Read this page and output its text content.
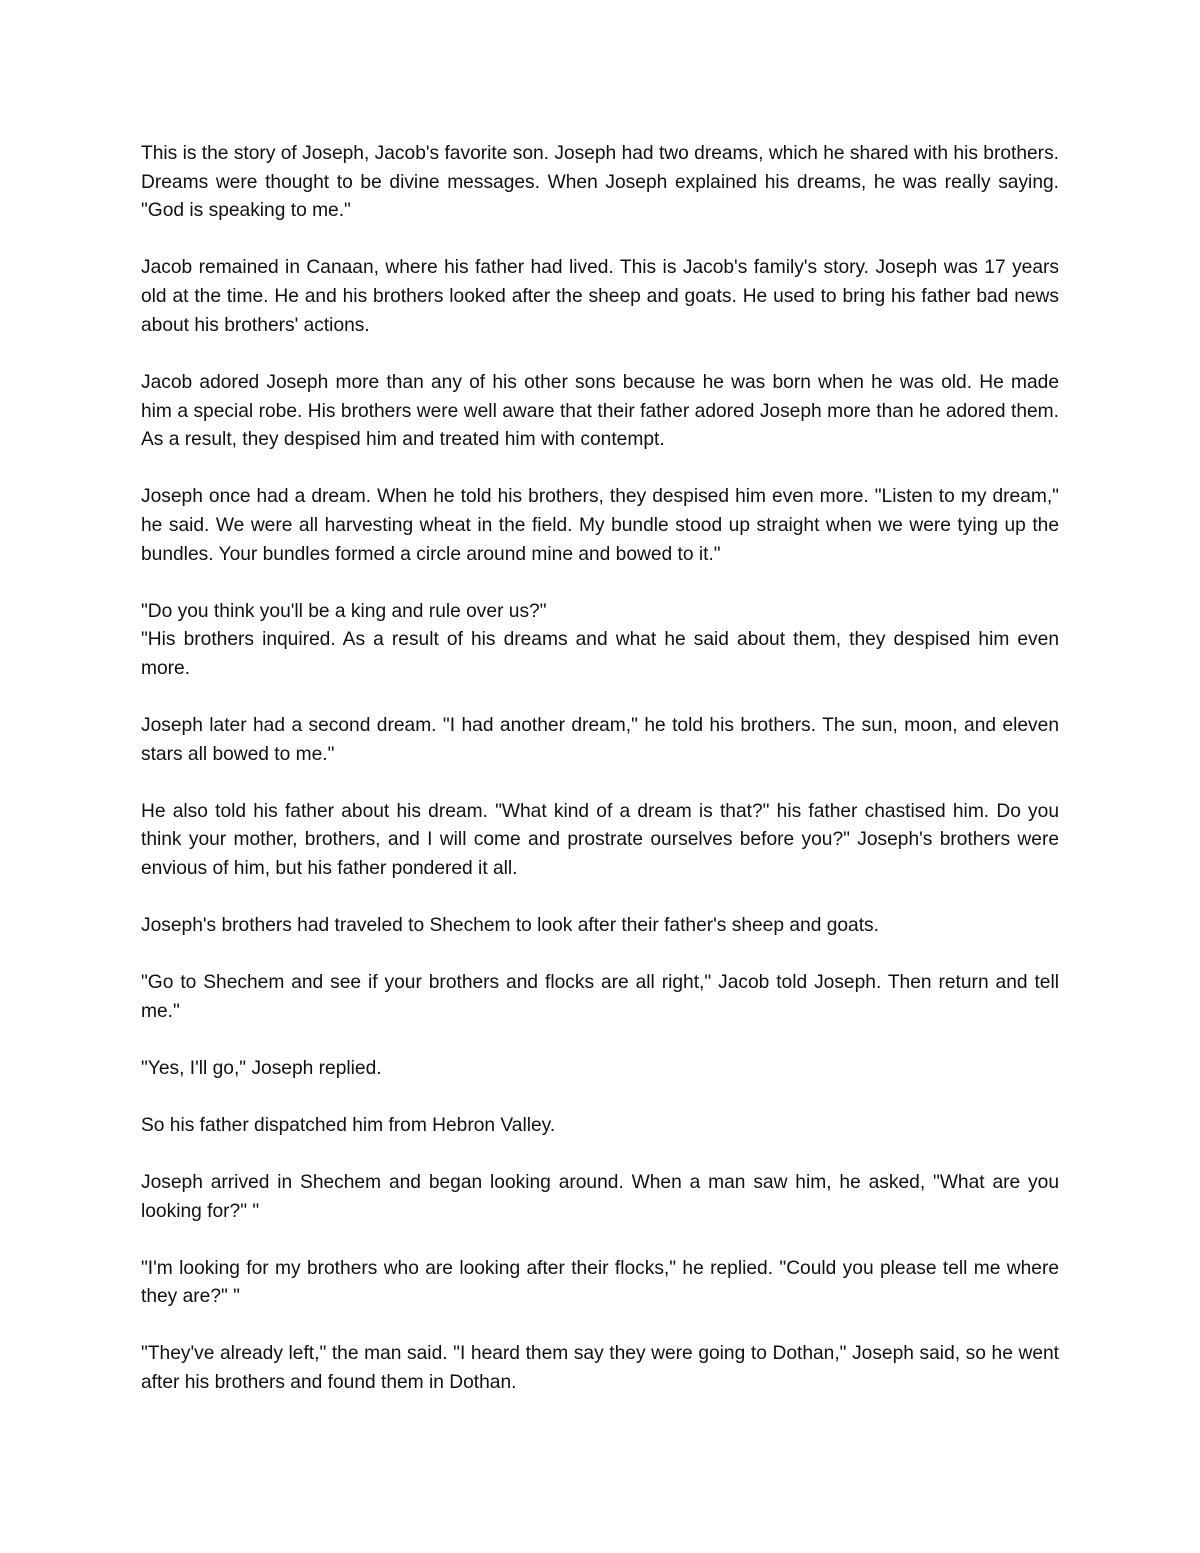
This is the story of Joseph, Jacob's favorite son. Joseph had two dreams, which he shared with his brothers. Dreams were thought to be divine messages. When Joseph explained his dreams, he was really saying. "God is speaking to me."

Jacob remained in Canaan, where his father had lived. This is Jacob's family's story. Joseph was 17 years old at the time. He and his brothers looked after the sheep and goats. He used to bring his father bad news about his brothers' actions.

Jacob adored Joseph more than any of his other sons because he was born when he was old. He made him a special robe. His brothers were well aware that their father adored Joseph more than he adored them. As a result, they despised him and treated him with contempt.

Joseph once had a dream. When he told his brothers, they despised him even more. "Listen to my dream," he said. We were all harvesting wheat in the field. My bundle stood up straight when we were tying up the bundles. Your bundles formed a circle around mine and bowed to it."

"Do you think you'll be a king and rule over us?"
"His brothers inquired. As a result of his dreams and what he said about them, they despised him even more.

Joseph later had a second dream. "I had another dream," he told his brothers. The sun, moon, and eleven stars all bowed to me."

He also told his father about his dream. "What kind of a dream is that?" his father chastised him. Do you think your mother, brothers, and I will come and prostrate ourselves before you?" Joseph's brothers were envious of him, but his father pondered it all.

Joseph's brothers had traveled to Shechem to look after their father's sheep and goats.

"Go to Shechem and see if your brothers and flocks are all right," Jacob told Joseph. Then return and tell me."

"Yes, I'll go," Joseph replied.

So his father dispatched him from Hebron Valley.

Joseph arrived in Shechem and began looking around. When a man saw him, he asked, "What are you looking for?" "

"I'm looking for my brothers who are looking after their flocks," he replied. "Could you please tell me where they are?" "

"They've already left," the man said. "I heard them say they were going to Dothan," Joseph said, so he went after his brothers and found them in Dothan.
